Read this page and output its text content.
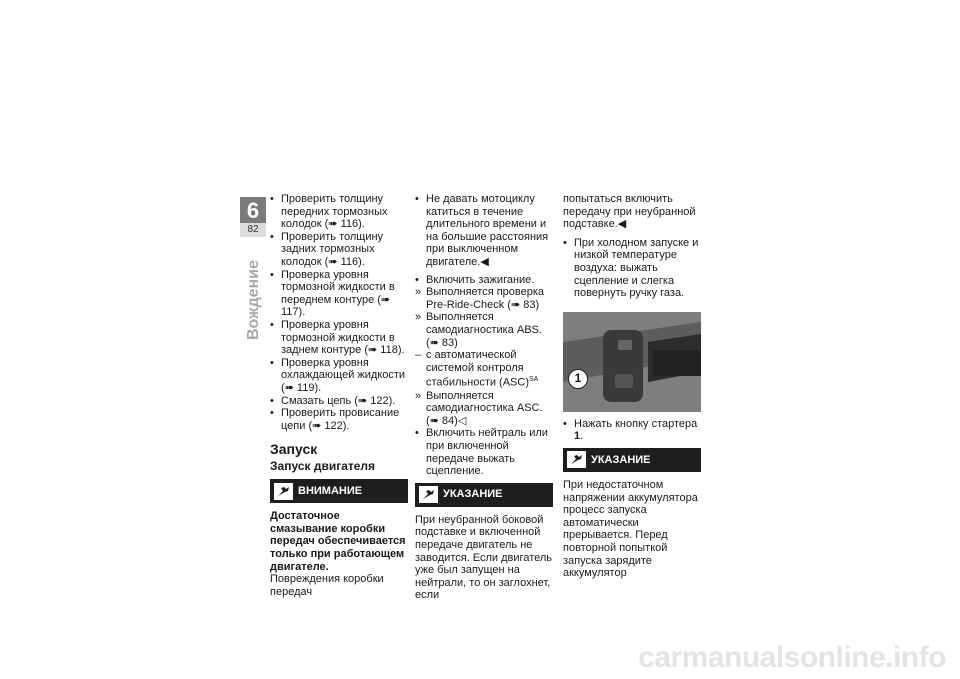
6
82
Вождение
• Проверить толщину передних тормозных колодок (➠ 116).
• Проверить толщину задних тормозных колодок (➠ 116).
• Проверка уровня тормозной жидкости в переднем контуре (➠ 117).
• Проверка уровня тормозной жидкости в заднем контуре (➠ 118).
• Проверка уровня охлаждающей жидкости (➠ 119).
• Смазать цепь (➠ 122).
• Проверить провисание цепи (➠ 122).
Запуск
Запуск двигателя
ВНИМАНИЕ
Достаточное смазывание коробки передач обеспечивается только при работающем двигателе.
Повреждения коробки передач
• Не давать мотоциклу катиться в течение длительного времени и на большие расстояния при выключенном двигателе.◀
• Включить зажигание.
» Выполняется проверка Pre-Ride-Check (➠ 83)
» Выполняется самодиагностика ABS. (➠ 83)
– с автоматической системой контроля стабильности (ASC)$^{SA}$
» Выполняется самодиагностика ASC. (➠ 84)◁
• Включить нейтраль или при включенной передаче выжать сцепление.
УКАЗАНИЕ
При неубранной боковой подставке и включенной передаче двигатель не заводится. Если двигатель уже был запущен на нейтрали, то он заглохнет, если
попытаться включить передачу при неубранной подставке.◀
• При холодном запуске и низкой температуре воздуха: выжать сцепление и слегка повернуть ручку газа.
1
• Нажать кнопку стартера 1.
УКАЗАНИЕ
При недостаточном напряжении аккумулятора процесс запуска автоматически прерывается. Перед повторной попыткой запуска зарядите аккумулятор
carmanualsonline.info
